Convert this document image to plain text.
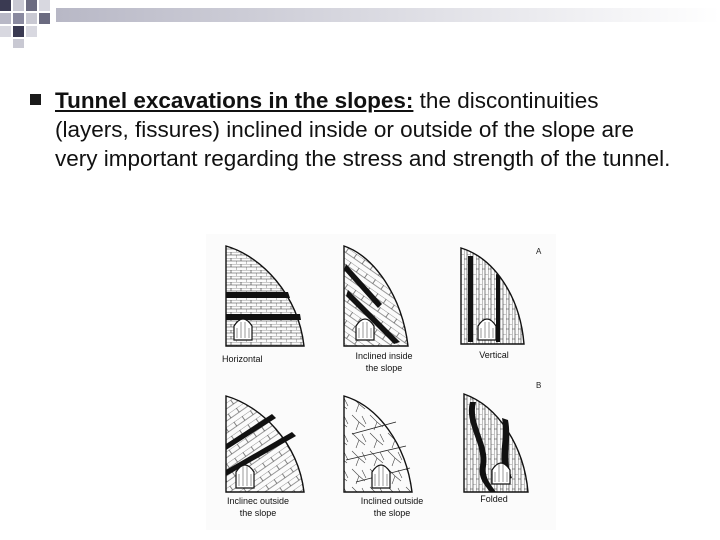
Tunnel excavations in the slopes: the discontinuities (layers, fissures) inclined inside or outside of the slope are very important regarding the stress and strength of the tunnel.
A
B
Horizontal	Inclined inside
the slope
Vertical
Inclinec outside
the slope
Inclined outside
the slope
Folded
